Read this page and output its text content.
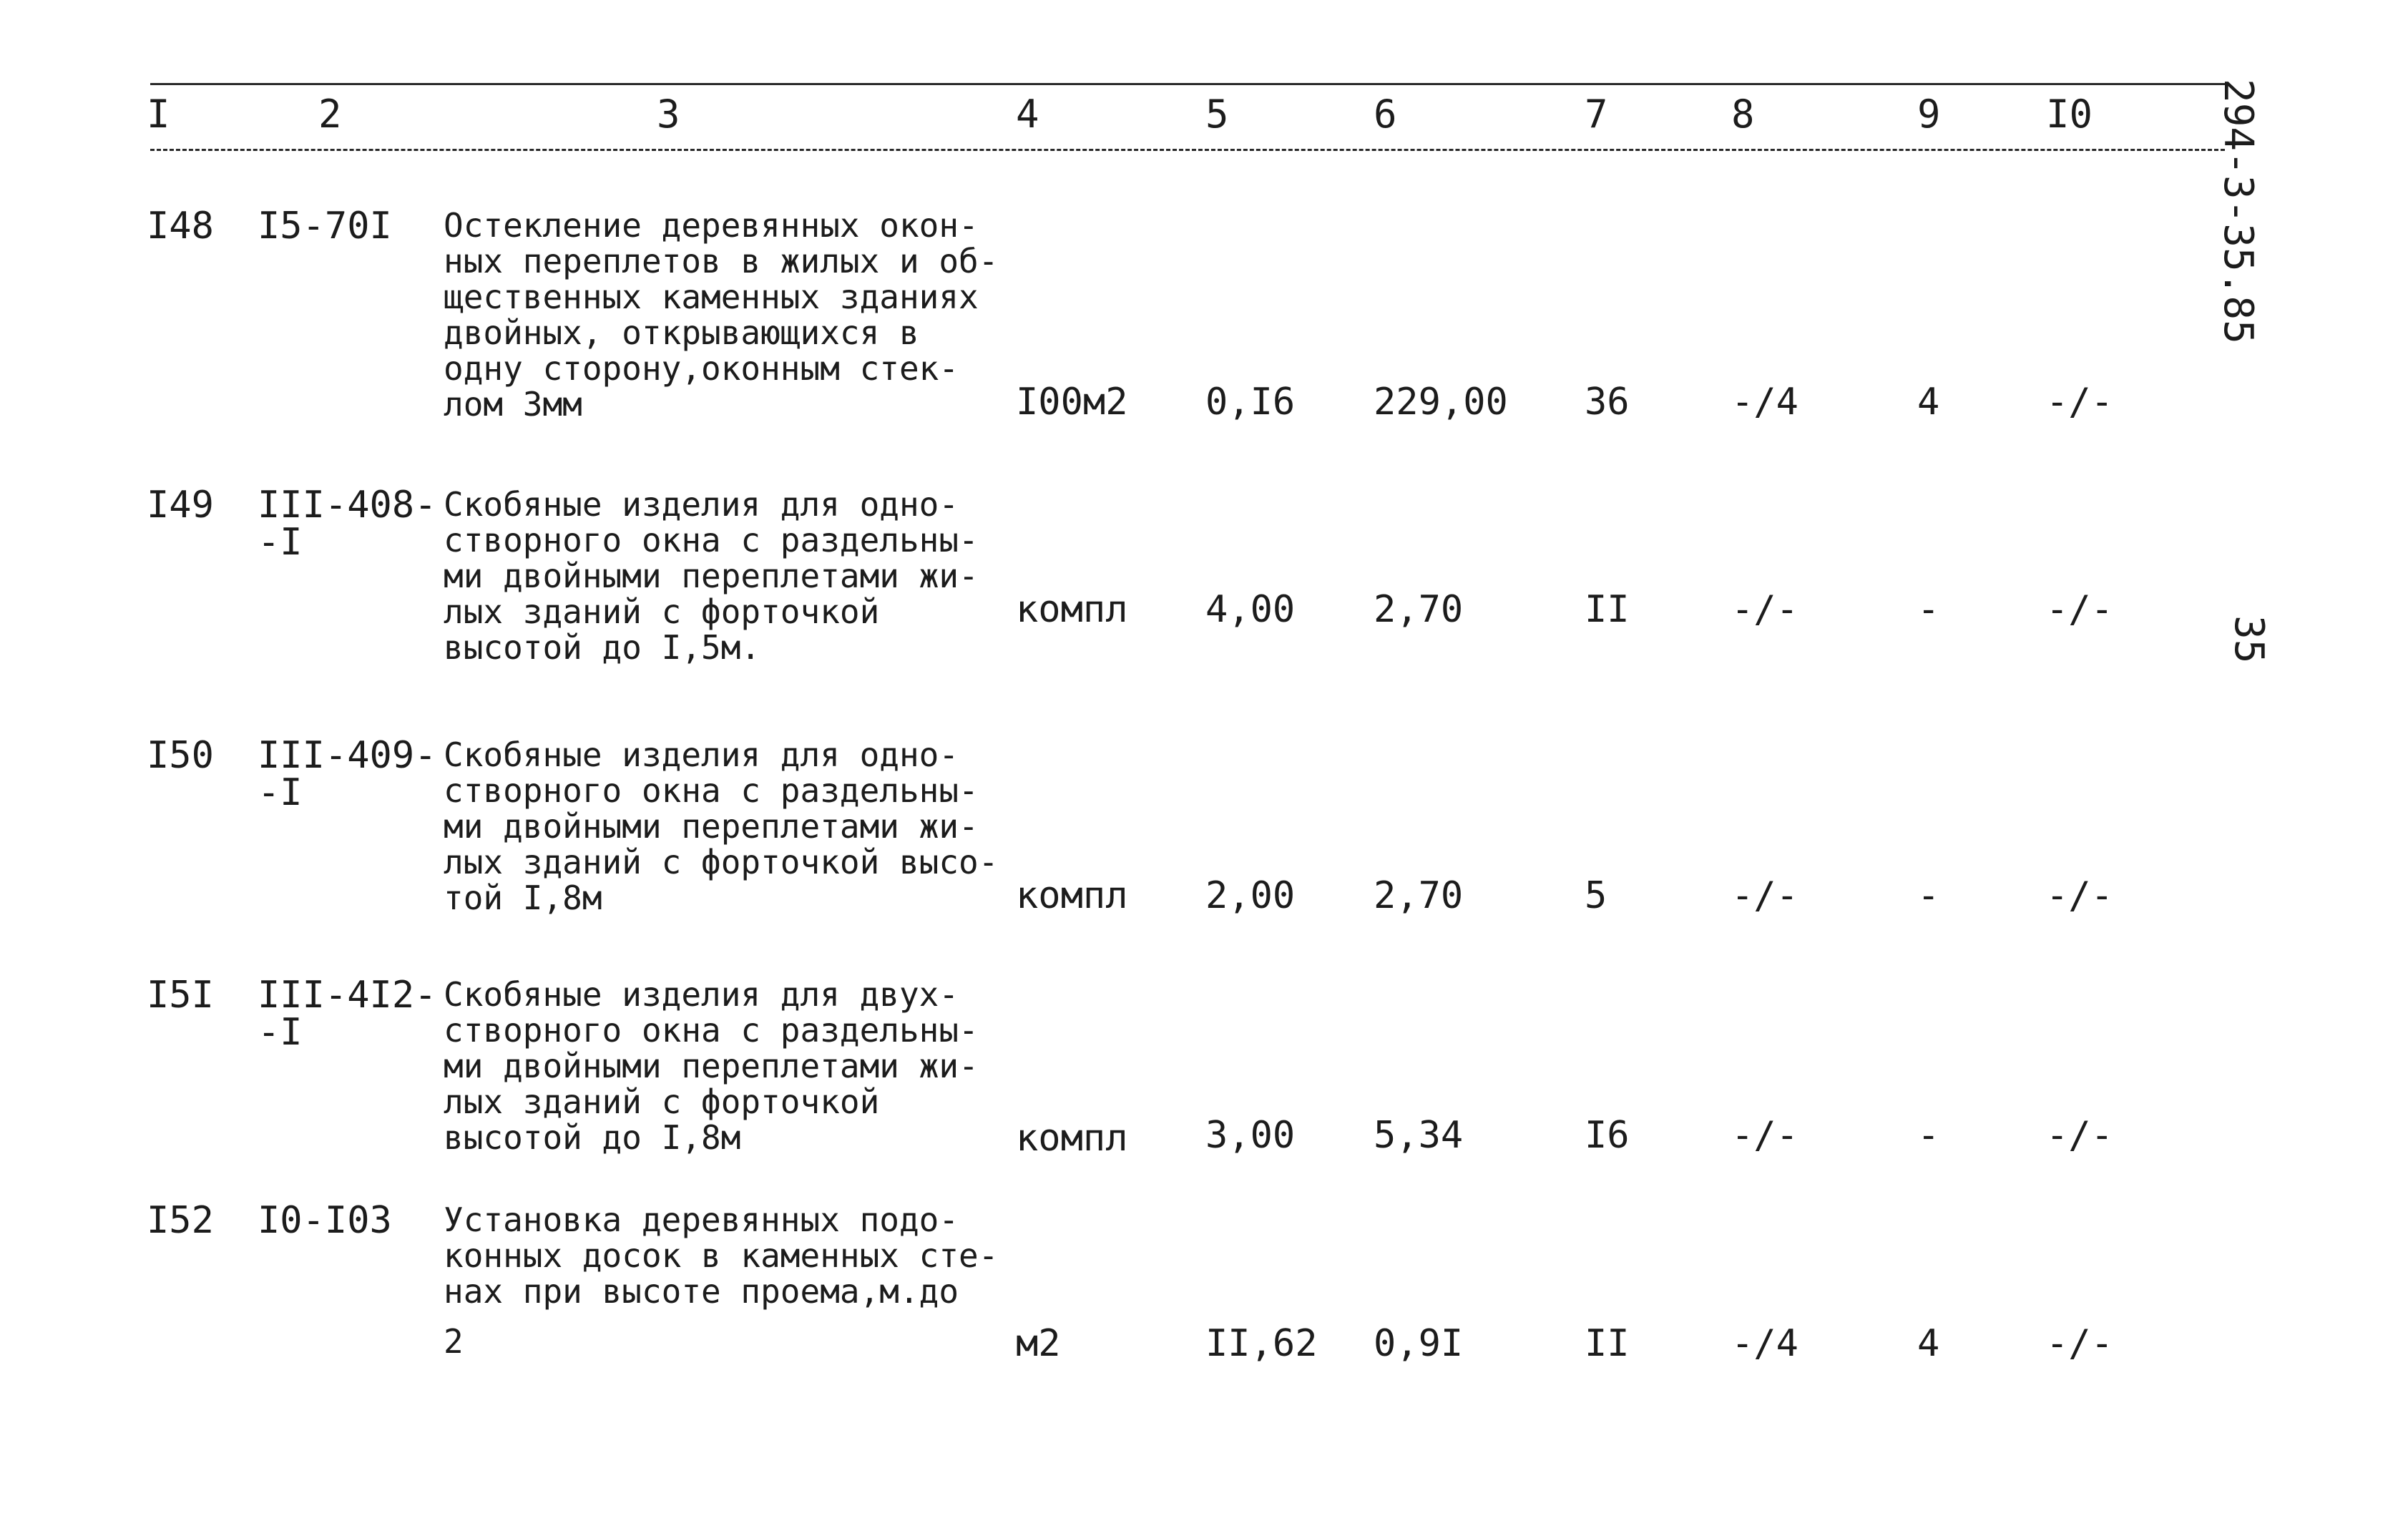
I	2	3	4	5	6	7	8	9	I0	294-3-35.85
35
I48 I5-70I Остекление деревянных окон-
ных переплетов в жилых и об-
щественных каменных зданиях
двойных, открывающихся в
одну сторону,оконным стек-
лом 3мм	I00м2 0,I6 229,00 36	-/4	4	-/-
I49 III-408-
-I
Скобяные изделия для одно-
створного окна с раздельны-
ми двойными переплетами жи-
лых зданий с форточкой
высотой до I,5м.
компл 4,00 2,70	II	-/-	-	-/-
I50 III-409-
-I
Скобяные изделия для одно-
створного окна с раздельны-
ми двойными переплетами жи-
лых зданий с форточкой высо-
той I,8м	компл 2,00 2,70	5	-/-	-	-/-
I5I III-4I2-
-I
Скобяные изделия для двух-
створного окна с раздельны-
ми двойными переплетами жи-
лых зданий с форточкой
высотой до I,8м	компл 3,00 5,34	I6	-/-	-	-/-
I52 I0-I03 Установка деревянных подо-
конных досок в каменных сте-
нах при высоте проема,м.до
2	м2	II,62 0,9I	II	-/4	4	-/-
